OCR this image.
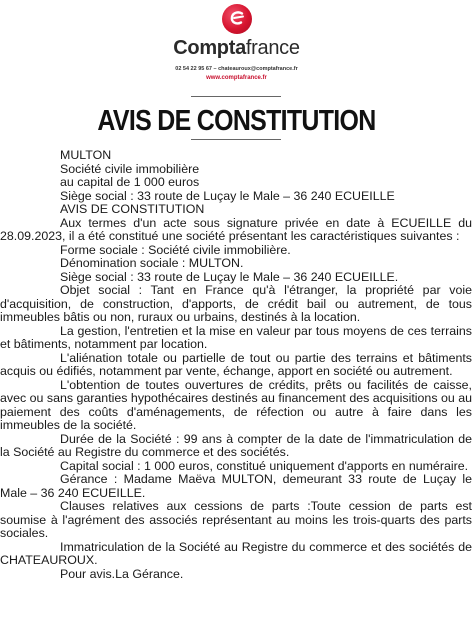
Comptafrance
02 54 22 95 67 – chateauroux@comptafrance.fr
www.comptafrance.fr
AVIS DE CONSTITUTION

MULTON

Société civile immobilière

au capital de 1 000 euros

Siège social : 33 route de Luçay le Male – 36 240 ECUEILLE

AVIS DE CONSTITUTION

Aux termes d'un acte sous signature privée en date à ECUEILLE du 28.09.2023, il a été constitué une société présentant les caractéristiques suivantes :

Forme sociale : Société civile immobilière.

Dénomination sociale : MULTON.

Siège social : 33 route de Luçay le Male – 36 240 ECUEILLE.

Objet social : Tant en France qu'à l'étranger, la propriété par voie d'acquisition, de construction, d'apports, de crédit bail ou autrement, de tous immeubles bâtis ou non, ruraux ou urbains, destinés à la location.

La gestion, l'entretien et la mise en valeur par tous moyens de ces terrains et bâtiments, notamment par location.

L'aliénation totale ou partielle de tout ou partie des terrains et bâtiments acquis ou édifiés, notamment par vente, échange, apport en société ou autrement.

L'obtention de toutes ouvertures de crédits, prêts ou facilités de caisse, avec ou sans garanties hypothécaires destinés au financement des acquisitions ou au paiement des coûts d'aménagements, de réfection ou autre à faire dans les immeubles de la société.

Durée de la Société : 99 ans à compter de la date de l'immatriculation de la Société au Registre du commerce et des sociétés.

Capital social : 1 000 euros, constitué uniquement d'apports en numéraire.

Gérance : Madame Maëva MULTON, demeurant 33 route de Luçay le Male – 36 240 ECUEILLE.

Clauses relatives aux cessions de parts :Toute cession de parts est soumise à l'agrément des associés représentant au moins les trois-quarts des parts sociales.

Immatriculation de la Société au Registre du commerce et des sociétés de CHATEAUROUX.

Pour avis.La Gérance.
